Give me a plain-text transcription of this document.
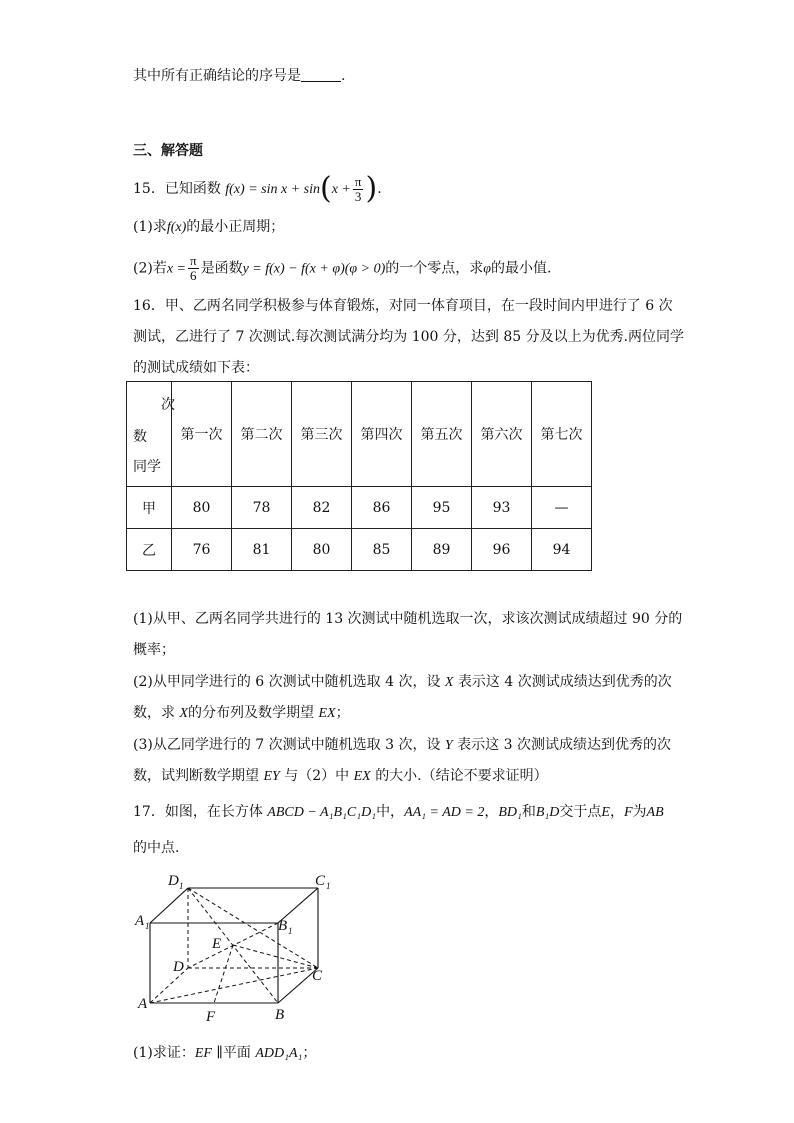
其中所有正确结论的序号是	.
三、解答题
15．已知函数 $f(x) = \sin x + \sin(x + \frac{\pi}{3}$ ).
(1)求f(x)的最小正周期；
(2)若$x = \frac{\pi}{6}$ 是函数y = f(x) − f(x + φ)(φ > 0)的一个零点，求φ的最小值.
16．甲、乙两名同学积极参与体育锻炼，对同一体育项目，在一段时间内甲进行了 6 次
测试，乙进行了 7 次测试.每次测试满分均为 100 分，达到 85 分及以上为优秀.两位同学
的测试成绩如下表：
次
数
同学	第一次	第二次	第三次	第四次	第五次	第六次	第七次
甲	80	78	82	86	95	93	—
乙	76	81	80	85	89	96	94
(1)从甲、乙两名同学共进行的 13 次测试中随机选取一次，求该次测试成绩超过 90 分的
概率；
(2)从甲同学进行的 6 次测试中随机选取 4 次，设 X 表示这 4 次测试成绩达到优秀的次
数，求 X的分布列及数学期望 EX；
(3)从乙同学进行的 7 次测试中随机选取 3 次，设 Y 表示这 3 次测试成绩达到优秀的次
数，试判断数学期望 EY 与（2）中 EX 的大小.（结论不要求证明）
17．如图，在长方体 ABCD − A₁B₁C₁D₁中，AA₁ = AD = 2，BD₁和B₁D交于点E，F为AB
的中点.
D 1	C 1
A 1	B 1
E
D
C
A
F	B
(1)求证：EF ∥平面 ADD₁A₁；
